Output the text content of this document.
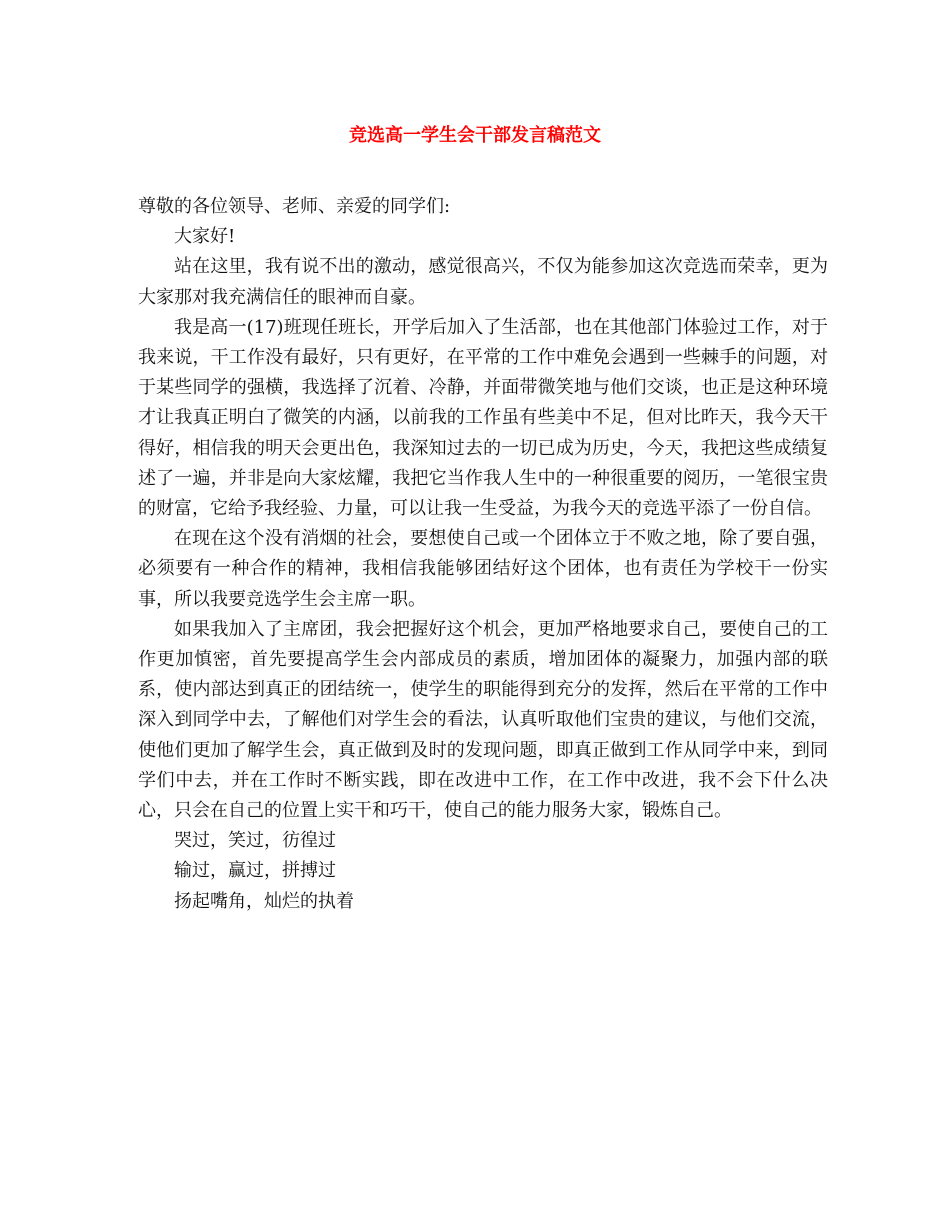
竞选高一学生会干部发言稿范文

尊敬的各位领导、老师、亲爱的同学们:

大家好!

站在这里，我有说不出的激动，感觉很高兴，不仅为能参加这次竞选而荣幸，更为大家那对我充满信任的眼神而自豪。

我是高一(17)班现任班长，开学后加入了生活部，也在其他部门体验过工作，对于我来说，干工作没有最好，只有更好，在平常的工作中难免会遇到一些棘手的问题，对于某些同学的强横，我选择了沉着、冷静，并面带微笑地与他们交谈，也正是这种环境才让我真正明白了微笑的内涵，以前我的工作虽有些美中不足，但对比昨天，我今天干得好，相信我的明天会更出色，我深知过去的一切已成为历史，今天，我把这些成绩复述了一遍，并非是向大家炫耀，我把它当作我人生中的一种很重要的阅历，一笔很宝贵的财富，它给予我经验、力量，可以让我一生受益，为我今天的竞选平添了一份自信。

在现在这个没有消烟的社会，要想使自己或一个团体立于不败之地，除了要自强，必须要有一种合作的精神，我相信我能够团结好这个团体，也有责任为学校干一份实事，所以我要竞选学生会主席一职。

如果我加入了主席团，我会把握好这个机会，更加严格地要求自己，要使自己的工作更加慎密，首先要提高学生会内部成员的素质，增加团体的凝聚力，加强内部的联系，使内部达到真正的团结统一，使学生的职能得到充分的发挥，然后在平常的工作中深入到同学中去，了解他们对学生会的看法，认真听取他们宝贵的建议，与他们交流，使他们更加了解学生会，真正做到及时的发现问题，即真正做到工作从同学中来，到同学们中去，并在工作时不断实践，即在改进中工作，在工作中改进，我不会下什么决心，只会在自己的位置上实干和巧干，使自己的能力服务大家，锻炼自己。

哭过，笑过，彷徨过

输过，赢过，拼搏过

扬起嘴角，灿烂的执着
